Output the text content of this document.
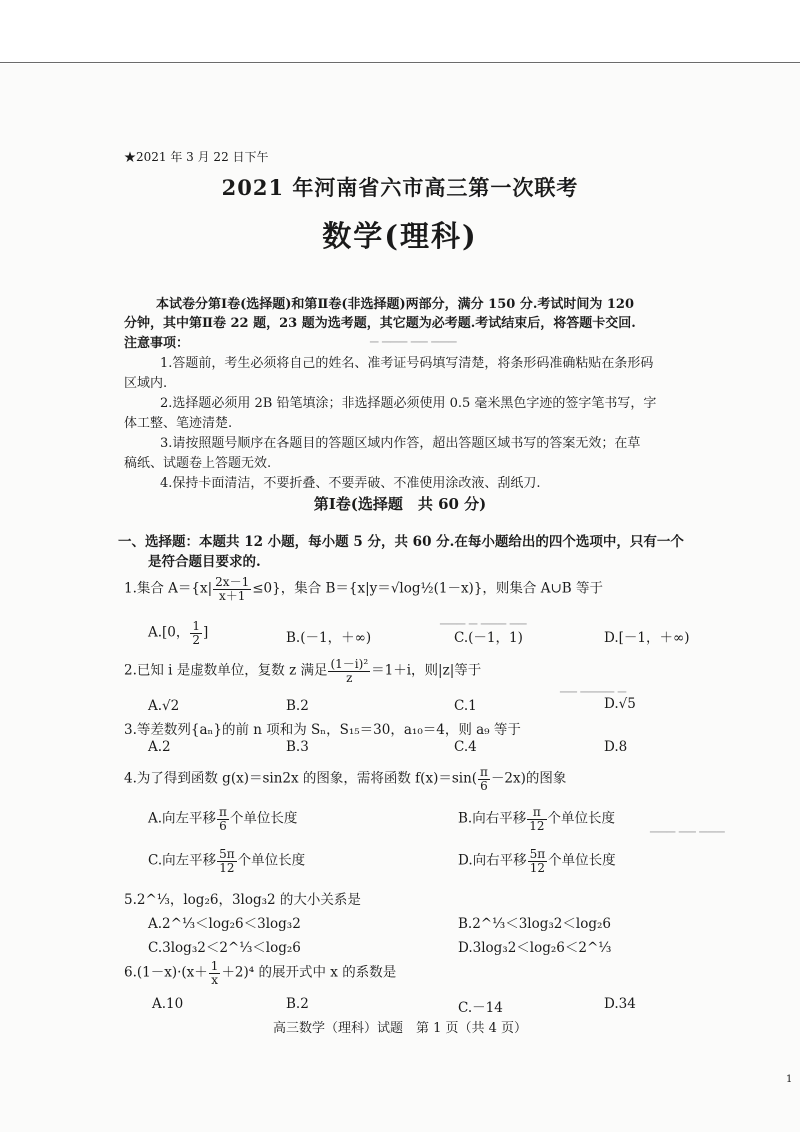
▁▁▁ ▁ ▁▁▁ ▁▁
▁▁ ▁▁▁▁ ▁
▁▁▁ ▁▁ ▁▁▁
▁ ▁▁▁ ▁▁ ▁▁▁
★2021 年 3 月 22 日下午
2021 年河南省六市高三第一次联考
数学(理科)
本试卷分第Ⅰ卷(选择题)和第Ⅱ卷(非选择题)两部分，满分 150 分.考试时间为 120
分钟，其中第Ⅱ卷 22 题，23 题为选考题，其它题为必考题.考试结束后，将答题卡交回.
注意事项：
1.答题前，考生必须将自己的姓名、准考证号码填写清楚，将条形码准确粘贴在条形码
区域内.
2.选择题必须用 2B 铅笔填涂；非选择题必须使用 0.5 毫米黑色字迹的签字笔书写，字
体工整、笔迹清楚.
3.请按照题号顺序在各题目的答题区域内作答，超出答题区域书写的答案无效；在草
稿纸、试题卷上答题无效.
4.保持卡面清洁，不要折叠、不要弄破、不准使用涂改液、刮纸刀.
第Ⅰ卷(选择题　共 60 分)
一、选择题：本题共 12 小题，每小题 5 分，共 60 分.在每小题给出的四个选项中，只有一个
是符合题目要求的.
1.集合 $A=\{x| \frac{2x-1}{x+1} \le 0\}$，集合 B＝{x|y＝√log½(1－x)}，则集合 A∪B 等于
A.[0， $\frac{1}{2}$ ]	B.(－1，＋∞)	C.(－1，1)	D.[－1，＋∞)
2.已知 i 是虚数单位，复数 z 满足 $\frac{\text{(1－i)²}}{z} =1+i$，则|z|等于
A.√2	B.2	C.1	D.√5
3.等差数列{aₙ}的前 n 项和为 Sₙ，S₁₅＝30，a₁₀＝4，则 a₉ 等于
A.2	B.3	C.4	D.8
4.为了得到函数 g(x)＝sin2x 的图象，需将函数 $f(x)=\sin( \frac{\pi}{6} -2x)$的图象
A.向左平移 $\frac{\pi}{6}$ 个单位长度	B.向右平移 $\frac{\pi}{12}$ 个单位长度
C.向左平移 $\frac{5\pi}{12}$ 个单位长度	D.向右平移 $\frac{5\pi}{12}$ 个单位长度
5.2^⅓，log₂6，3log₃2 的大小关系是
A.2^⅓＜log₂6＜3log₃2	B.2^⅓＜3log₃2＜log₂6
C.3log₃2＜2^⅓＜log₂6	D.3log₃2＜log₂6＜2^⅓
$6.(1-x)\cdot(x+ \frac{1}{x} +2)^4$ 的展开式中 x 的系数是
A.10	B.2	C.－14	D.34
高三数学（理科）试题　第 1 页（共 4 页）
1
